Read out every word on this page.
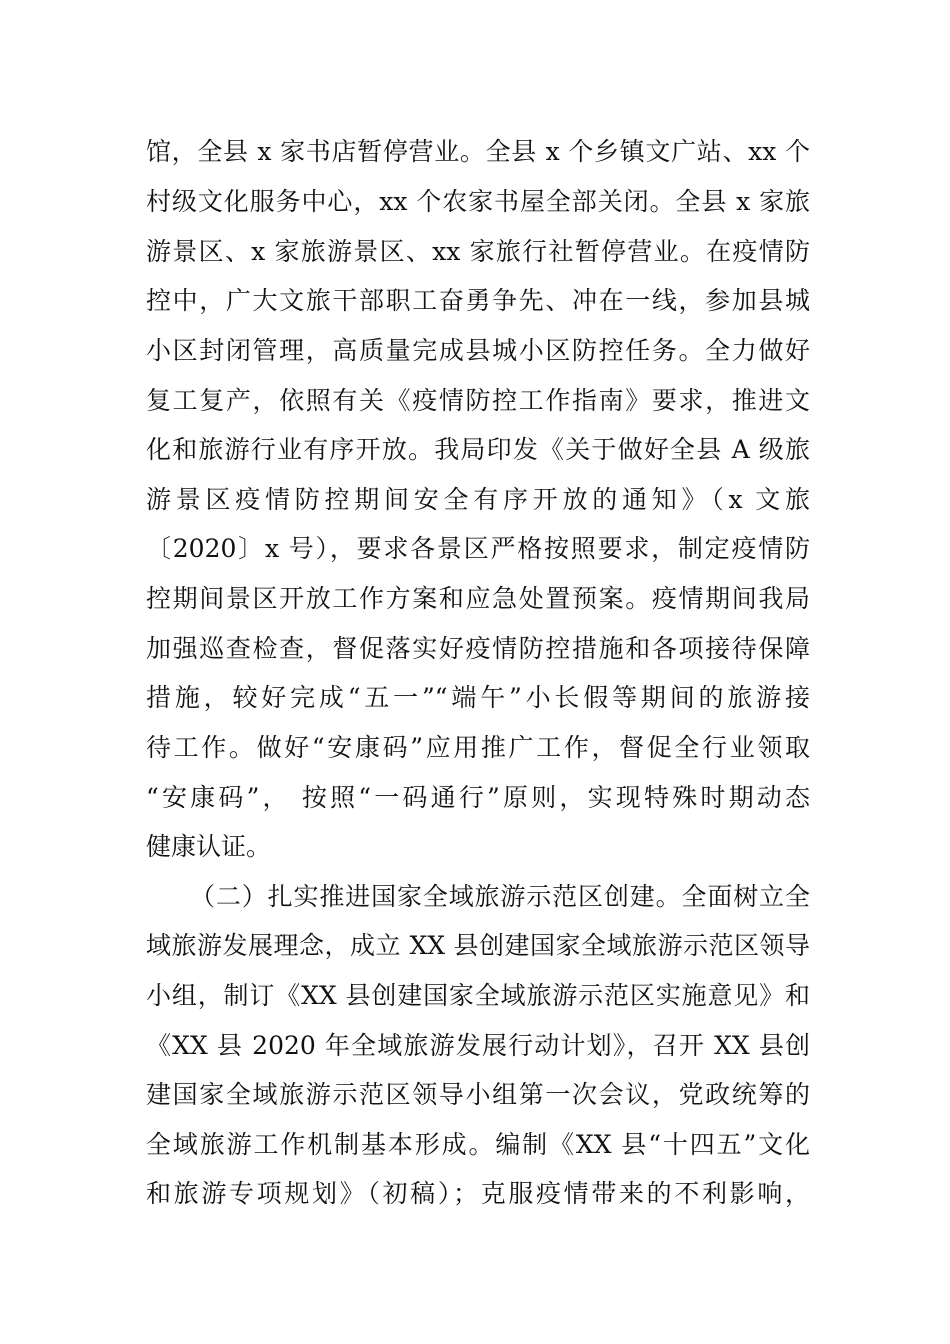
馆，全县 x 家书店暂停营业。全县 x 个乡镇文广站、xx 个
村级文化服务中心，xx 个农家书屋全部关闭。全县 x 家旅
游景区、x 家旅游景区、xx 家旅行社暂停营业。在疫情防
控中，广大文旅干部职工奋勇争先、冲在一线，参加县城
小区封闭管理，高质量完成县城小区防控任务。全力做好
复工复产，依照有关《疫情防控工作指南》要求，推进文
化和旅游行业有序开放。我局印发《关于做好全县 A 级旅
游景区疫情防控期间安全有序开放的通知》（x 文旅
〔2020〕x 号），要求各景区严格按照要求，制定疫情防
控期间景区开放工作方案和应急处置预案。疫情期间我局
加强巡查检查，督促落实好疫情防控措施和各项接待保障
措施，较好完成“五一”“端午”小长假等期间的旅游接
待工作。做好“安康码”应用推广工作，督促全行业领取
“安康码”， 按照“一码通行”原则，实现特殊时期动态
健康认证。
（二）扎实推进国家全域旅游示范区创建。全面树立全
域旅游发展理念，成立 XX 县创建国家全域旅游示范区领导
小组，制订《XX 县创建国家全域旅游示范区实施意见》和
《XX 县 2020 年全域旅游发展行动计划》，召开 XX 县创
建国家全域旅游示范区领导小组第一次会议，党政统筹的
全域旅游工作机制基本形成。编制《XX 县“十四五”文化
和旅游专项规划》（初稿）；克服疫情带来的不利影响，
